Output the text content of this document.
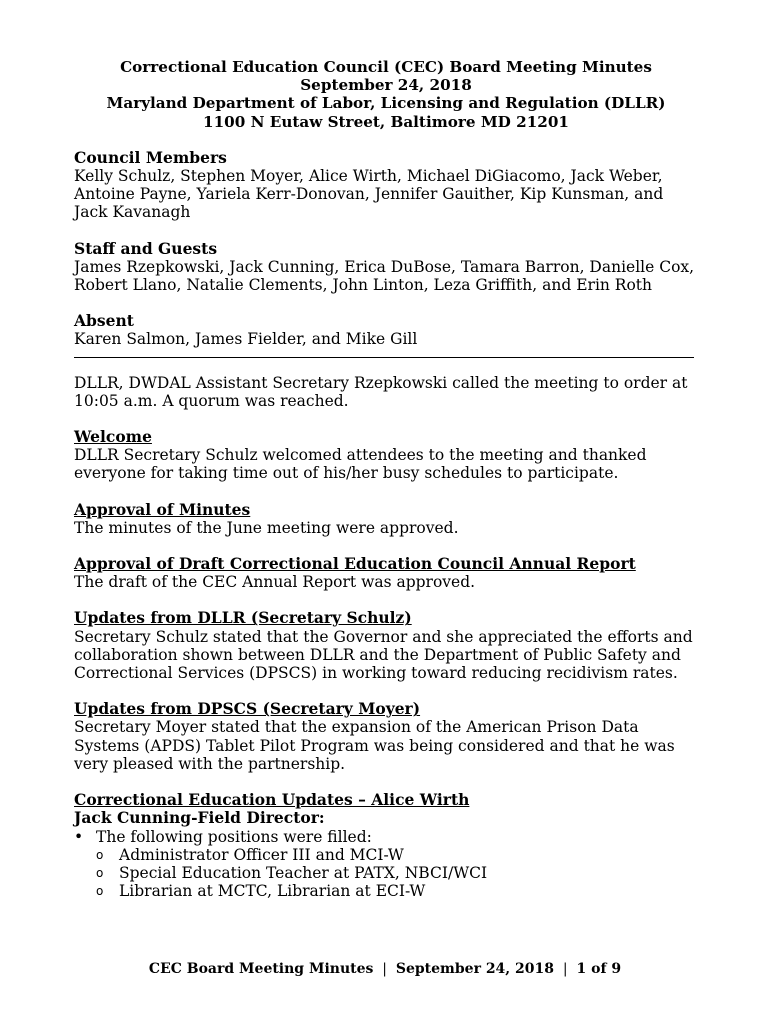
Correctional Education Council (CEC) Board Meeting Minutes
September 24, 2018
Maryland Department of Labor, Licensing and Regulation (DLLR)
1100 N Eutaw Street, Baltimore MD 21201
Council Members

Kelly Schulz, Stephen Moyer, Alice Wirth, Michael DiGiacomo, Jack Weber, Antoine Payne, Yariela Kerr-Donovan, Jennifer Gauither, Kip Kunsman, and Jack Kavanagh

Staff and Guests

James Rzepkowski, Jack Cunning, Erica DuBose, Tamara Barron, Danielle Cox, Robert Llano, Natalie Clements, John Linton, Leza Griffith, and Erin Roth

Absent

Karen Salmon, James Fielder, and Mike Gill

DLLR, DWDAL Assistant Secretary Rzepkowski called the meeting to order at 10:05 a.m. A quorum was reached.

Welcome

DLLR Secretary Schulz welcomed attendees to the meeting and thanked everyone for taking time out of his/her busy schedules to participate.

Approval of Minutes

The minutes of the June meeting were approved.

Approval of Draft Correctional Education Council Annual Report

The draft of the CEC Annual Report was approved.

Updates from DLLR (Secretary Schulz)

Secretary Schulz stated that the Governor and she appreciated the efforts and collaboration shown between DLLR and the Department of Public Safety and Correctional Services (DPSCS) in working toward reducing recidivism rates.

Updates from DPSCS (Secretary Moyer)

Secretary Moyer stated that the expansion of the American Prison Data Systems (APDS) Tablet Pilot Program was being considered and that he was very pleased with the partnership.

Correctional Education Updates – Alice Wirth
Jack Cunning-Field Director:
• The following positions were filled:
o Administrator Officer III and MCI-W
o Special Education Teacher at PATX, NBCI/WCI
o Librarian at MCTC, Librarian at ECI-W
CEC Board Meeting Minutes | September 24, 2018 | 1 of 9
